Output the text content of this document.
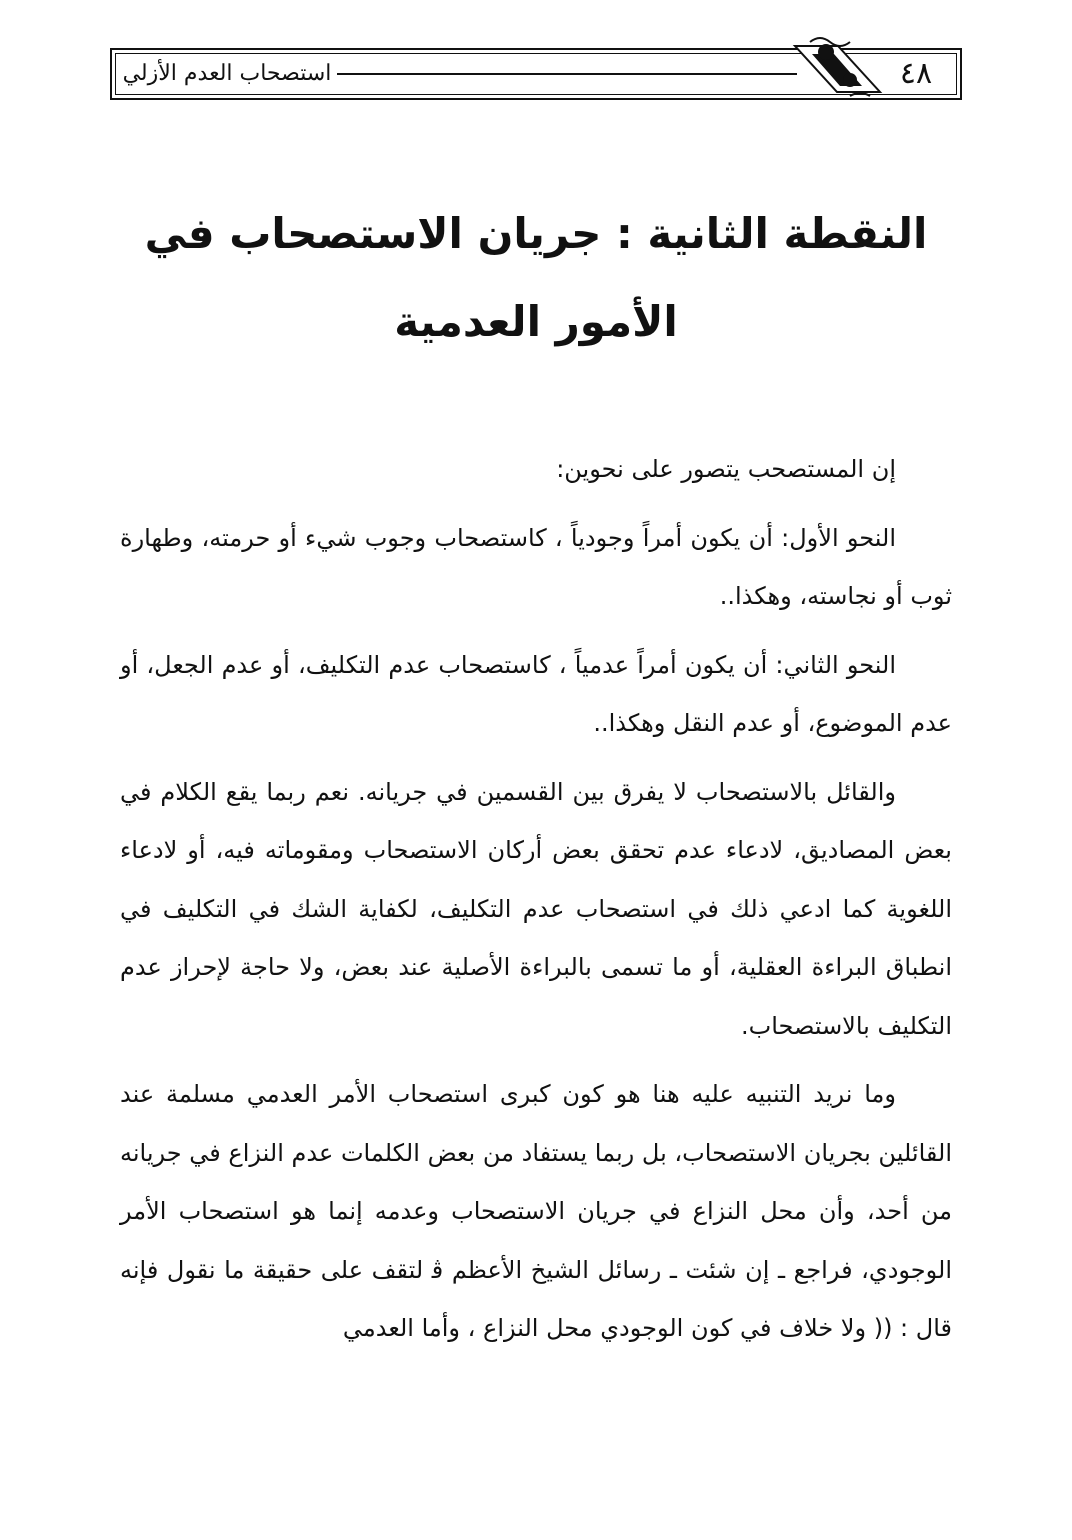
٤٨
استصحاب العدم الأزلي
النقطة الثانية : جريان الاستصحاب في الأمور العدمية

إن المستصحب يتصور على نحوين:

النحو الأول: أن يكون أمراً وجودياً ، كاستصحاب وجوب شيء أو حرمته، وطهارة ثوب أو نجاسته، وهكذا..

النحو الثاني: أن يكون أمراً عدمياً ، كاستصحاب عدم التكليف، أو عدم الجعل، أو عدم الموضوع، أو عدم النقل وهكذا..

والقائل بالاستصحاب لا يفرق بين القسمين في جريانه. نعم ربما يقع الكلام في بعض المصاديق، لادعاء عدم تحقق بعض أركان الاستصحاب ومقوماته فيه، أو لادعاء اللغوية كما ادعي ذلك في استصحاب عدم التكليف، لكفاية الشك في التكليف في انطباق البراءة العقلية، أو ما تسمى بالبراءة الأصلية عند بعض، ولا حاجة لإحراز عدم التكليف بالاستصحاب.

وما نريد التنبيه عليه هنا هو كون كبرى استصحاب الأمر العدمي مسلمة عند القائلين بجريان الاستصحاب، بل ربما يستفاد من بعض الكلمات عدم النزاع في جريانه من أحد، وأن محل النزاع في جريان الاستصحاب وعدمه إنما هو استصحاب الأمر الوجودي، فراجع ـ إن شئت ـ رسائل الشيخ الأعظم ﭬ لتقف على حقيقة ما نقول فإنه قال : (( ولا خلاف في كون الوجودي محل النزاع ، وأما العدمي
